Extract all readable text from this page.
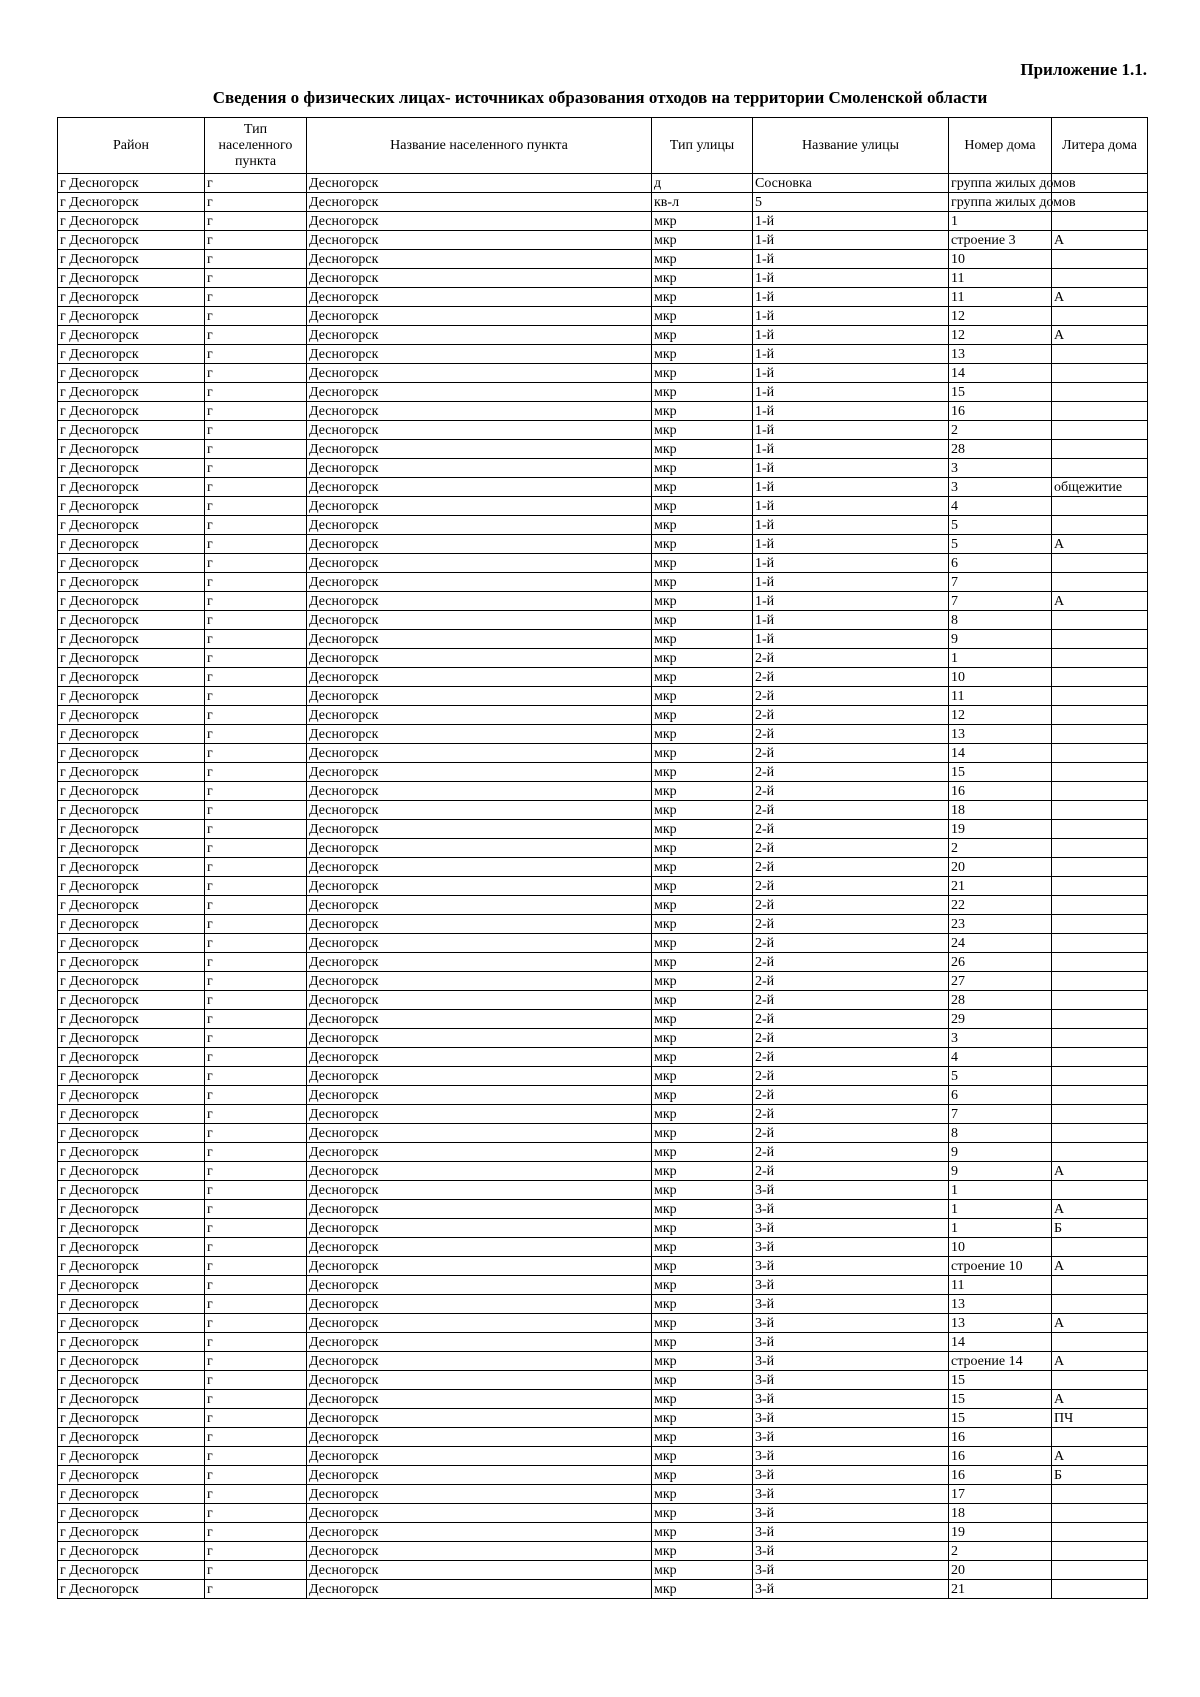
Приложение 1.1.
Сведения о физических лицах- источниках образования отходов на территории Смоленской области
Район	Тип населенного пункта	Название населенного пункта	Тип улицы	Название улицы	Номер дома	Литера дома
г Десногорск	г	Десногорск	д	Сосновка	группа жилых домов	
г Десногорск	г	Десногорск	кв-л	5	группа жилых домов	
г Десногорск	г	Десногорск	мкр	1-й	1	
г Десногорск	г	Десногорск	мкр	1-й	строение 3	А
г Десногорск	г	Десногорск	мкр	1-й	10	
г Десногорск	г	Десногорск	мкр	1-й	11	
г Десногорск	г	Десногорск	мкр	1-й	11	А
г Десногорск	г	Десногорск	мкр	1-й	12	
г Десногорск	г	Десногорск	мкр	1-й	12	А
г Десногорск	г	Десногорск	мкр	1-й	13	
г Десногорск	г	Десногорск	мкр	1-й	14	
г Десногорск	г	Десногорск	мкр	1-й	15	
г Десногорск	г	Десногорск	мкр	1-й	16	
г Десногорск	г	Десногорск	мкр	1-й	2	
г Десногорск	г	Десногорск	мкр	1-й	28	
г Десногорск	г	Десногорск	мкр	1-й	3	
г Десногорск	г	Десногорск	мкр	1-й	3	общежитие
г Десногорск	г	Десногорск	мкр	1-й	4	
г Десногорск	г	Десногорск	мкр	1-й	5	
г Десногорск	г	Десногорск	мкр	1-й	5	А
г Десногорск	г	Десногорск	мкр	1-й	6	
г Десногорск	г	Десногорск	мкр	1-й	7	
г Десногорск	г	Десногорск	мкр	1-й	7	А
г Десногорск	г	Десногорск	мкр	1-й	8	
г Десногорск	г	Десногорск	мкр	1-й	9	
г Десногорск	г	Десногорск	мкр	2-й	1	
г Десногорск	г	Десногорск	мкр	2-й	10	
г Десногорск	г	Десногорск	мкр	2-й	11	
г Десногорск	г	Десногорск	мкр	2-й	12	
г Десногорск	г	Десногорск	мкр	2-й	13	
г Десногорск	г	Десногорск	мкр	2-й	14	
г Десногорск	г	Десногорск	мкр	2-й	15	
г Десногорск	г	Десногорск	мкр	2-й	16	
г Десногорск	г	Десногорск	мкр	2-й	18	
г Десногорск	г	Десногорск	мкр	2-й	19	
г Десногорск	г	Десногорск	мкр	2-й	2	
г Десногорск	г	Десногорск	мкр	2-й	20	
г Десногорск	г	Десногорск	мкр	2-й	21	
г Десногорск	г	Десногорск	мкр	2-й	22	
г Десногорск	г	Десногорск	мкр	2-й	23	
г Десногорск	г	Десногорск	мкр	2-й	24	
г Десногорск	г	Десногорск	мкр	2-й	26	
г Десногорск	г	Десногорск	мкр	2-й	27	
г Десногорск	г	Десногорск	мкр	2-й	28	
г Десногорск	г	Десногорск	мкр	2-й	29	
г Десногорск	г	Десногорск	мкр	2-й	3	
г Десногорск	г	Десногорск	мкр	2-й	4	
г Десногорск	г	Десногорск	мкр	2-й	5	
г Десногорск	г	Десногорск	мкр	2-й	6	
г Десногорск	г	Десногорск	мкр	2-й	7	
г Десногорск	г	Десногорск	мкр	2-й	8	
г Десногорск	г	Десногорск	мкр	2-й	9	
г Десногорск	г	Десногорск	мкр	2-й	9	А
г Десногорск	г	Десногорск	мкр	3-й	1	
г Десногорск	г	Десногорск	мкр	3-й	1	А
г Десногорск	г	Десногорск	мкр	3-й	1	Б
г Десногорск	г	Десногорск	мкр	3-й	10	
г Десногорск	г	Десногорск	мкр	3-й	строение 10	А
г Десногорск	г	Десногорск	мкр	3-й	11	
г Десногорск	г	Десногорск	мкр	3-й	13	
г Десногорск	г	Десногорск	мкр	3-й	13	А
г Десногорск	г	Десногорск	мкр	3-й	14	
г Десногорск	г	Десногорск	мкр	3-й	строение 14	А
г Десногорск	г	Десногорск	мкр	3-й	15	
г Десногорск	г	Десногорск	мкр	3-й	15	А
г Десногорск	г	Десногорск	мкр	3-й	15	ПЧ
г Десногорск	г	Десногорск	мкр	3-й	16	
г Десногорск	г	Десногорск	мкр	3-й	16	А
г Десногорск	г	Десногорск	мкр	3-й	16	Б
г Десногорск	г	Десногорск	мкр	3-й	17	
г Десногорск	г	Десногорск	мкр	3-й	18	
г Десногорск	г	Десногорск	мкр	3-й	19	
г Десногорск	г	Десногорск	мкр	3-й	2	
г Десногорск	г	Десногорск	мкр	3-й	20	
г Десногорск	г	Десногорск	мкр	3-й	21	
